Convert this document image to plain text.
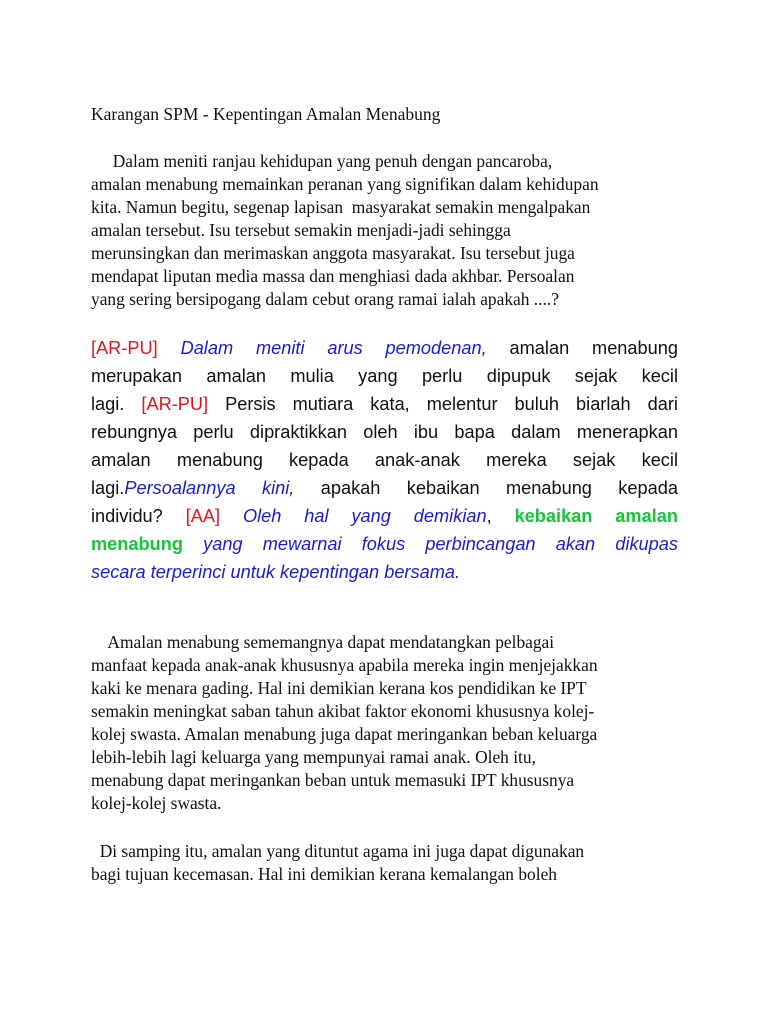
Karangan SPM - Kepentingan Amalan Menabung
Dalam meniti ranjau kehidupan yang penuh dengan pancaroba,
amalan menabung memainkan peranan yang signifikan dalam kehidupan
kita. Namun begitu, segenap lapisan  masyarakat semakin mengalpakan
amalan tersebut. Isu tersebut semakin menjadi-jadi sehingga
merunsingkan dan merimaskan anggota masyarakat. Isu tersebut juga
mendapat liputan media massa dan menghiasi dada akhbar. Persoalan
yang sering bersipogang dalam cebut orang ramai ialah apakah ....?
[AR-PU] Dalam meniti arus pemodenan, amalan menabung
merupakan amalan mulia yang perlu dipupuk sejak kecil
lagi. [AR-PU] Persis mutiara kata, melentur buluh biarlah dari
rebungnya perlu dipraktikkan oleh ibu bapa dalam menerapkan
amalan menabung kepada anak-anak mereka sejak kecil
lagi.Persoalannya kini, apakah kebaikan menabung kepada
individu? [AA] Oleh hal yang demikian, kebaikan amalan
menabung yang mewarnai fokus perbincangan akan dikupas
secara terperinci untuk kepentingan bersama.
Amalan menabung sememangnya dapat mendatangkan pelbagai
manfaat kepada anak-anak khususnya apabila mereka ingin menjejakkan
kaki ke menara gading. Hal ini demikian kerana kos pendidikan ke IPT
semakin meningkat saban tahun akibat faktor ekonomi khususnya kolej-
kolej swasta. Amalan menabung juga dapat meringankan beban keluarga
lebih-lebih lagi keluarga yang mempunyai ramai anak. Oleh itu,
menabung dapat meringankan beban untuk memasuki IPT khususnya
kolej-kolej swasta.
Di samping itu, amalan yang dituntut agama ini juga dapat digunakan
bagi tujuan kecemasan. Hal ini demikian kerana kemalangan boleh
